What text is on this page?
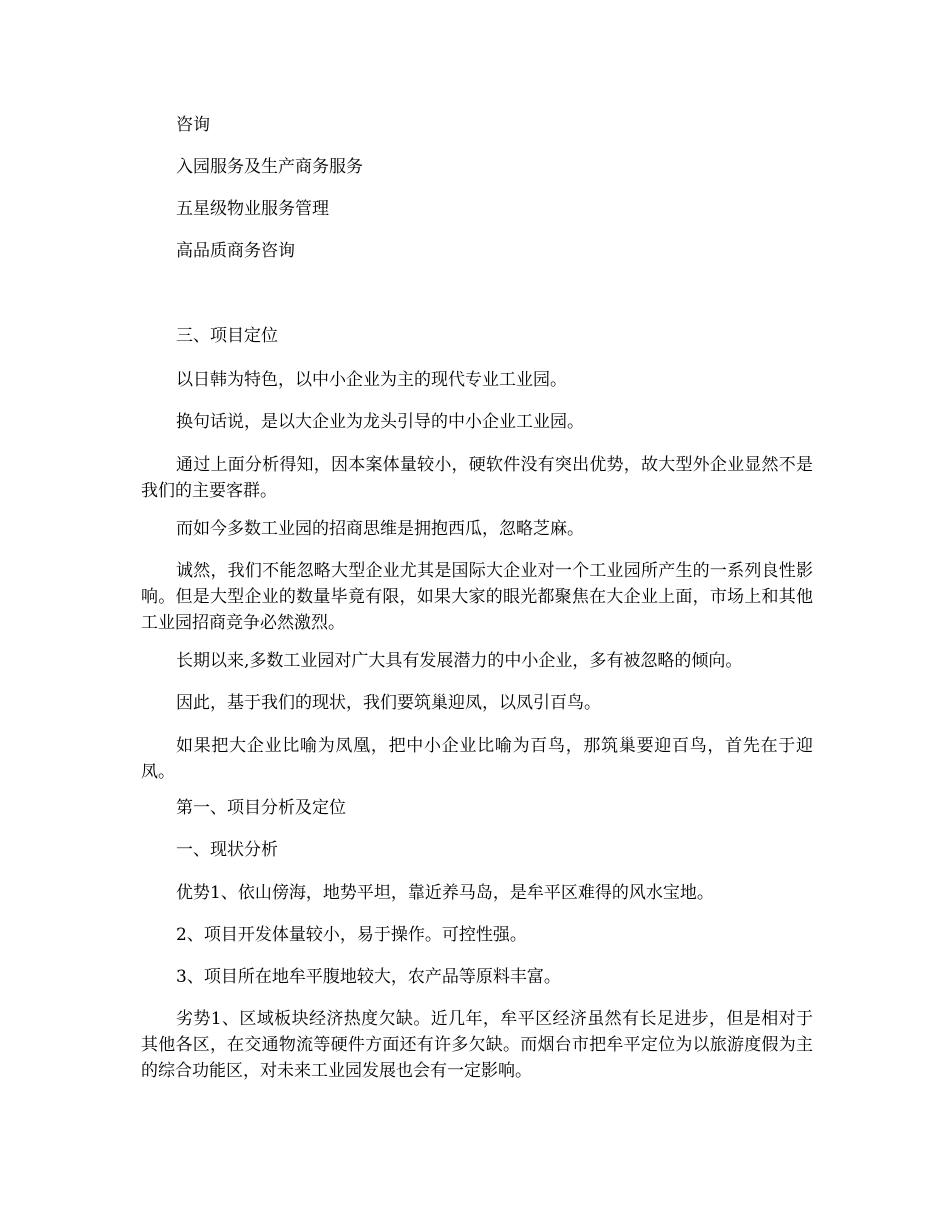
咨询

入园服务及生产商务服务

五星级物业服务管理

高品质商务咨询

三、项目定位

以日韩为特色，以中小企业为主的现代专业工业园。

换句话说，是以大企业为龙头引导的中小企业工业园。

通过上面分析得知，因本案体量较小，硬软件没有突出优势，故大型外企业显然不是我们的主要客群。

而如今多数工业园的招商思维是拥抱西瓜，忽略芝麻。

诚然，我们不能忽略大型企业尤其是国际大企业对一个工业园所产生的一系列良性影响。但是大型企业的数量毕竟有限，如果大家的眼光都聚焦在大企业上面，市场上和其他工业园招商竞争必然激烈。

长期以来,多数工业园对广大具有发展潜力的中小企业，多有被忽略的倾向。

因此，基于我们的现状，我们要筑巢迎凤，以凤引百鸟。

如果把大企业比喻为凤凰，把中小企业比喻为百鸟，那筑巢要迎百鸟，首先在于迎凤。

第一、项目分析及定位

一、现状分析

优势1、依山傍海，地势平坦，靠近养马岛，是牟平区难得的风水宝地。

2、项目开发体量较小，易于操作。可控性强。

3、项目所在地牟平腹地较大，农产品等原料丰富。

劣势1、区域板块经济热度欠缺。近几年，牟平区经济虽然有长足进步，但是相对于其他各区，在交通物流等硬件方面还有许多欠缺。而烟台市把牟平定位为以旅游度假为主的综合功能区，对未来工业园发展也会有一定影响。
